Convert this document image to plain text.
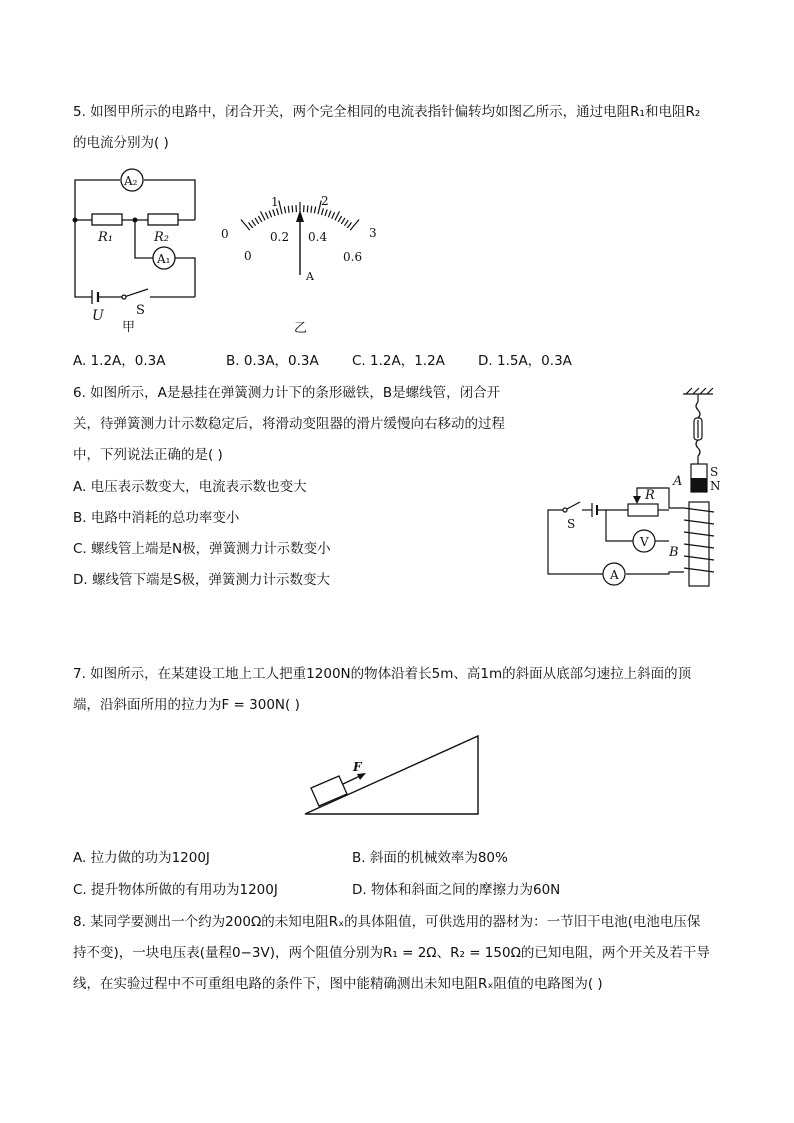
5. 如图甲所示的电路中，闭合开关，两个完全相同的电流表指针偏转均如图乙所示，通过电阻R₁和电阻R₂
的电流分别为( )
A₂
A₁
R₁	R₂
U S
甲
0
1	2
3
0
0.2 0.4
0.6
A
乙
A. 1.2A，0.3A	B. 0.3A，0.3A C. 1.2A，1.2A D. 1.5A，0.3A
6. 如图所示，A是悬挂在弹簧测力计下的条形磁铁，B是螺线管，闭合开
关，待弹簧测力计示数稳定后，将滑动变阻器的滑片缓慢向右移动的过程
中，下列说法正确的是( )
A. 电压表示数变大，电流表示数也变大
B. 电路中消耗的总功率变小
C. 螺线管上端是N极，弹簧测力计示数变小
D. 螺线管下端是S极，弹簧测力计示数变大
A
S
N
R
V
A
S
B
7. 如图所示，在某建设工地上工人把重1200N的物体沿着长5m、高1m的斜面从底部匀速拉上斜面的顶
端，沿斜面所用的拉力为F = 300N( )
F
A. 拉力做的功为1200J	B. 斜面的机械效率为80%
C. 提升物体所做的有用功为1200J	D. 物体和斜面之间的摩擦力为60N
8. 某同学要测出一个约为200Ω的未知电阻Rₓ的具体阻值，可供选用的器材为：一节旧干电池(电池电压保
持不变)，一块电压表(量程0−3V)，两个阻值分别为R₁ = 2Ω、R₂ = 150Ω的已知电阻，两个开关及若干导
线，在实验过程中不可重组电路的条件下，图中能精确测出未知电阻Rₓ阻值的电路图为( )
